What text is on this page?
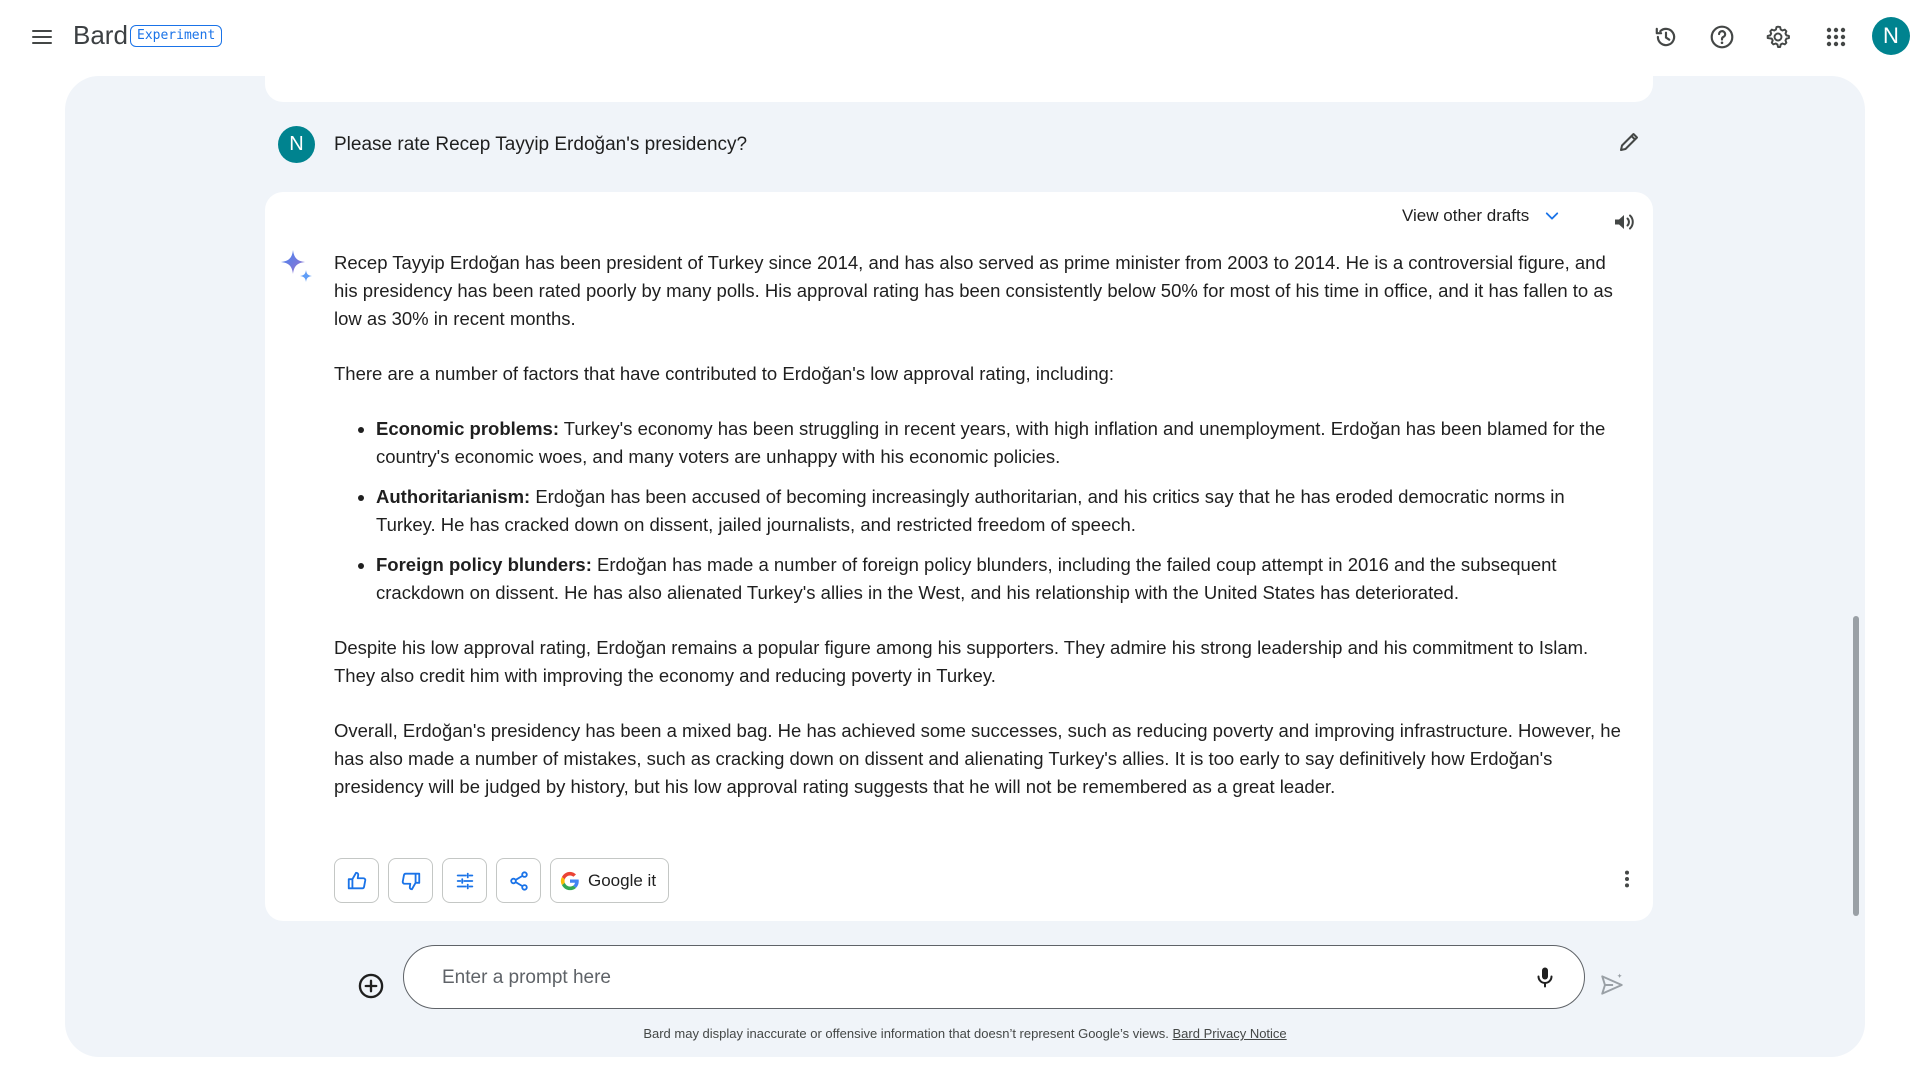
Bard Experiment	N
N	Please rate Recep Tayyip Erdoğan's presidency?
View other drafts

Recep Tayyip Erdoğan has been president of Turkey since 2014, and has also served as prime minister from 2003 to 2014. He is a controversial figure, and his presidency has been rated poorly by many polls. His approval rating has been consistently below 50% for most of his time in office, and it has fallen to as low as 30% in recent months.

There are a number of factors that have contributed to Erdoğan's low approval rating, including:

• Economic problems: Turkey's economy has been struggling in recent years, with high inflation and unemployment. Erdoğan has been blamed for the country's economic woes, and many voters are unhappy with his economic policies.
• Authoritarianism: Erdoğan has been accused of becoming increasingly authoritarian, and his critics say that he has eroded democratic norms in Turkey. He has cracked down on dissent, jailed journalists, and restricted freedom of speech.
• Foreign policy blunders: Erdoğan has made a number of foreign policy blunders, including the failed coup attempt in 2016 and the subsequent crackdown on dissent. He has also alienated Turkey's allies in the West, and his relationship with the United States has deteriorated.

Despite his low approval rating, Erdoğan remains a popular figure among his supporters. They admire his strong leadership and his commitment to Islam. They also credit him with improving the economy and reducing poverty in Turkey.

Overall, Erdoğan's presidency has been a mixed bag. He has achieved some successes, such as reducing poverty and improving infrastructure. However, he has also made a number of mistakes, such as cracking down on dissent and alienating Turkey's allies. It is too early to say definitively how Erdoğan's presidency will be judged by history, but his low approval rating suggests that he will not be remembered as a great leader.

Google it
Enter a prompt here
Bard may display inaccurate or offensive information that doesn’t represent Google’s views. Bard Privacy Notice
